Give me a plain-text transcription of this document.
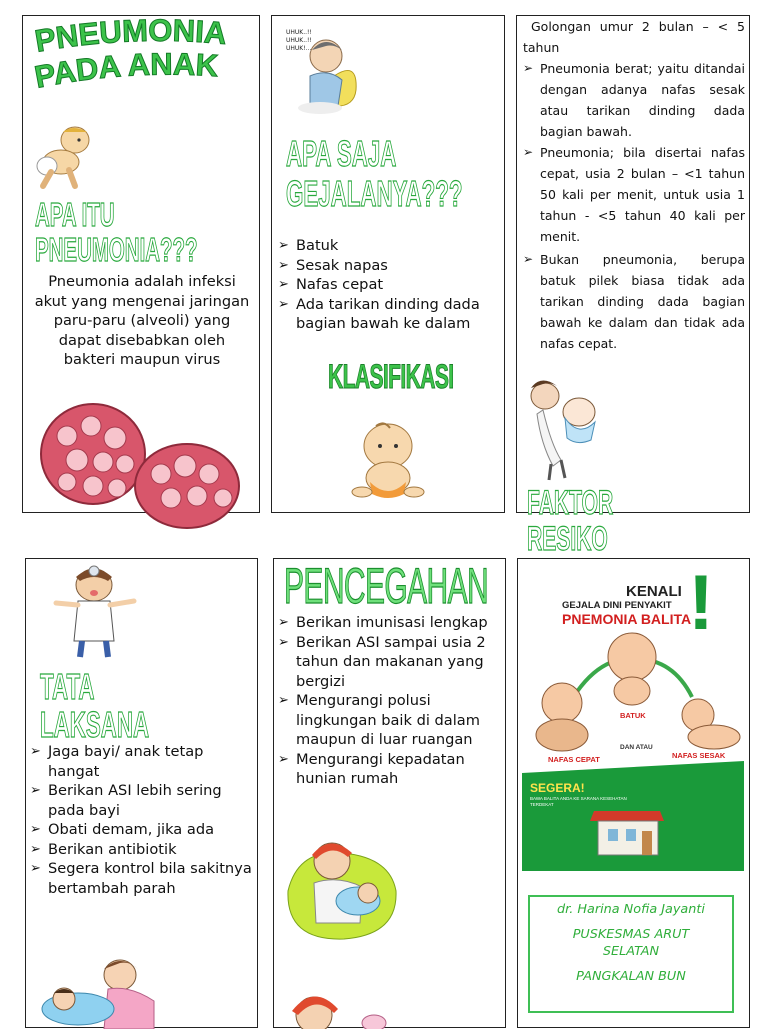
PNEUMONIA
PADA ANAK
APA ITU
PNEUMONIA???
Pneumonia adalah infeksi akut yang mengenai jaringan paru-paru (alveoli) yang dapat disebabkan oleh bakteri maupun virus
UHUK..!!
UHUK..!!
UHUK!...
APA SAJA
GEJALANYA???
➢ Batuk
➢ Sesak napas
➢ Nafas cepat
➢ Ada tarikan dinding dada bagian bawah ke dalam
KLASIFIKASI
Golongan umur 2 bulan – < 5 tahun
➢ Pneumonia berat; yaitu ditandai dengan adanya nafas sesak atau tarikan dinding dada bagian bawah.
➢ Pneumonia; bila disertai nafas cepat, usia 2 bulan – <1 tahun 50 kali per menit, untuk usia 1 tahun - <5 tahun 40 kali per menit.
➢ Bukan pneumonia, berupa batuk pilek biasa tidak ada tarikan dinding dada bagian bawah ke dalam dan tidak ada nafas cepat.
FAKTOR
RESIKO
TATA
LAKSANA
➢ Jaga bayi/ anak tetap hangat
➢ Berikan ASI lebih sering pada bayi
➢ Obati demam, jika ada
➢ Berikan antibiotik
➢ Segera kontrol bila sakitnya bertambah parah
PENCEGAHAN
➢ Berikan imunisasi lengkap
➢ Berikan ASI sampai usia 2 tahun dan makanan yang bergizi
➢ Mengurangi polusi lingkungan baik di dalam maupun di luar ruangan
➢ Mengurangi kepadatan hunian rumah
KENALI
GEJALA DINI PENYAKIT
PNEMONIA BALITA
!
BATUK
DAN ATAU
NAFAS CEPAT	NAFAS SESAK
SEGERA!
BAWA BALITA ANDA KE SARANA KESEHATAN TERDEKAT
dr. Harina Nofia Jayanti
PUSKESMAS ARUT
SELATAN
PANGKALAN BUN
